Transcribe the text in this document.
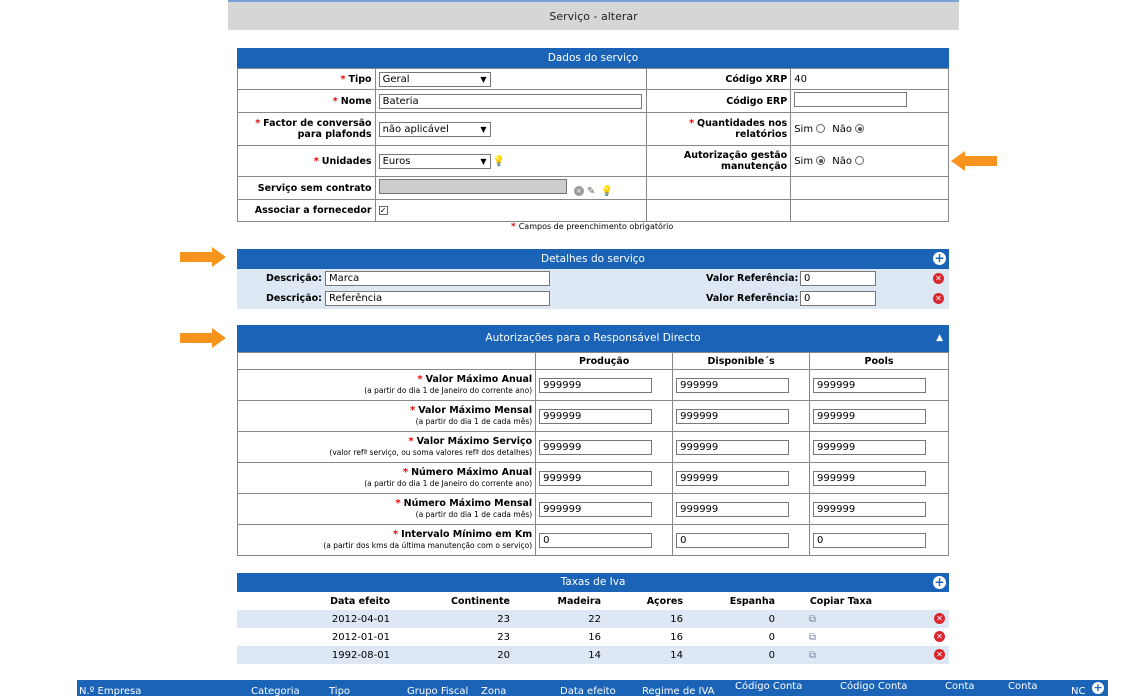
Serviço - alterar
Dados do serviço
* Tipo	Geral ▼	Código XRP	40
* Nome	Bateria	Código ERP	
* Factor de conversão
para plafonds	não aplicável ▼	* Quantidades nos
relatórios	Sim Não
* Unidades	Euros ▼ 💡	Autorização gestão
manutenção	Sim Não
Serviço sem contrato	× ✎ 💡		
Associar a fornecedor	✓		
* Campos de preenchimento obrigatório
Detalhes do serviço	+
Descrição: Marca	Valor Referência: 0	✕
Descrição: Referência	Valor Referência: 0	✕
Autorizações para o Responsável Directo	▲
	Produção	Disponible´s	Pools
* Valor Máximo Anual
(a partir do dia 1 de Janeiro do corrente ano)	999999	999999	999999
* Valor Máximo Mensal
(a partir do dia 1 de cada mês)	999999	999999	999999
* Valor Máximo Serviço
(valor refª serviço, ou soma valores refª dos detalhes)	999999	999999	999999
* Número Máximo Anual
(a partir do dia 1 de Janeiro do corrente ano)	999999	999999	999999
* Número Máximo Mensal
(a partir do dia 1 de cada mês)	999999	999999	999999
* Intervalo Mínimo em Km
(a partir dos kms da última manutenção com o serviço)	0	0	0
Taxas de Iva	+
Data efeito	Continente	Madeira	Açores	Espanha	Copiar Taxa	
2012-04-01	23	22	16	0	⧉	✕

2012-01-01	23	16	16	0	⧉	✕

1992-08-01	20	14	14	0	⧉	✕
N.º Empresa	Categoria	Tipo	Grupo Fiscal Zona	Data efeito	Regime de IVA Código Conta	Código Conta	Conta	Conta	NC +
